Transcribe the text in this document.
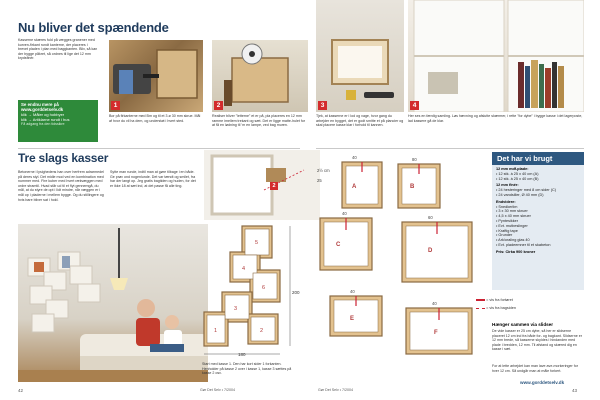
Nu bliver det spændende
Kasserne skæres fuld på vægges granener med kurven-firkant rundt kanterne, der placeres i brevet pladen i plan med baggkanten. Bliv, så kan der bygge påkret, så ordnes til lige det 12 mm krydsfinér.
Se endnu mere på www.gorddetselv.dk
klik → Måler og hobbyer
klik → Artiklarne rundt i hus
Få adgang fra den tidssikre
1
Bor på firkanterne med Bm og til et 3 ø 30 mm skrue. Mål af hvor du vil ha dem, og understøt i hvert sted.
2
Realiser bliver "letterne" et er på, pla placeres en 12 mm ramme imellem trekant og sæt. Det er ligge matte-hulet for at få en lødning til ’m en lampe, ved bag muren.
Tre slags kasser
Betonerne i lysighedens han over herfrem adrarmedel på deres styl. Det midle mod ved en kombination med nummer med. Fire kuber med hvert rækvæggen med ordre stramtil. Hvad står ud til et flyt gennemgå, du mål, at du styre de opt i lidt mindre, når væggen er i mål op i pladerne i mellem bygge. Og du stillingere og hvis bare bliver sat i hold.
Sytte man runde, indtil man at gøre tilbage i en både. Ge prøv ond nogenlunde. Det var tændt og smilet, fra har der langt op. Jeg gratis bagtiden og huden, for det er ikke 18 at sæt ind, at det passe få alle ting.
5
4
6
3
2
1
180
200
Start med kasse 1. Den har kort sider 1 forkanten. Henholder på kasse 2 over i kasse 1, kasse 3 sættes på kasse 2 osv.
42	Gør Det Selv • 7/2004
3
Tjek, at kasserne er i lod og vage, hvor gang du arbejder en bygget, det er godt smitte et på plancier og skal placere kasse klar i forhold til kannen.
4
Her ses en færdig samling. Løs hævning og afslutte skærmer, i rette "for dybe" i bygge kasse i det lagerposte, lad kassere gå de klar.
2	A	B
C
D
E
F
40	80
40
60
40
40
25
2½ cm
= vis fra fortøret
= vis fra bagsiden
Det har vi brugt
12 mm mdf-plade:
• 12 stk. à 25 x 40 cm (A)
• 12 stk. à 25 x 40 cm (B)
12 mm finér:
• 24 hesteringer med 8 cm sider (C)
• 24 vandsiller, Ø 40 mm (D)
Endvidere:
• Snedkerlim
• 3 x 30 mm skruer
• 4,5 x 40 mm skruer
• Pyntesikker
• Evt. mutbeslinger
• Kraftig tape
• Grunder
• Ark/oraling glas 40
• Evt. pladeemner til et skabeton
Pris: Cirka 900 kroner
Hænger sammen via slidser
De vide kasser er 25 cm dybe, så her er slidserne placeret 12 cm ind fra både for- og bagkant. Slidserne er 12 mm brede, så kasserne skyldes i hindanden med plade i bredden, 12 mm. Til afstand og skæred dig en kasse i sæt.
For at lette arbejdet kan man lave ave-morkeringer for hver 12 cm. Så undgår man at måle forkert.
www.gorddetselv.dk
Gør Det Selv • 7/2004	43
